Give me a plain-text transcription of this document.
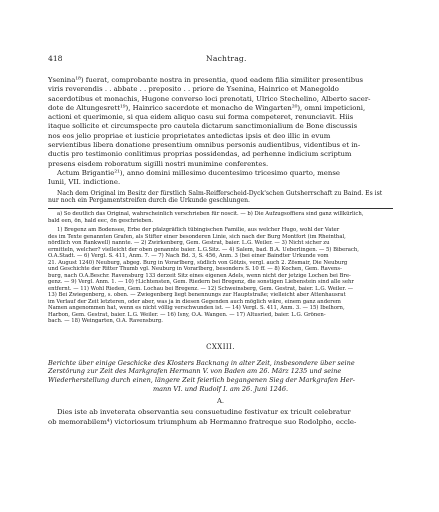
418	Nachtrag.
Ysenina¹⁸) fuerat, comprobante nostra in presentia, quod eadem filia similiter presentibus
viris reverendis . . abbate . . preposito . . priore de Ysenina, Hainrico et Manegoldo
sacerdotibus et monachis, Hugone converso loci prenotati, Ulrico Stechelino, Alberto sacer-
dote de Altungesrett¹⁹), Hainrico sacerdote et monacho de Wingarten²⁰), omni impeticioni,
actioni et querimonie, si qua eidem aliquo casu sui forma competeret, renunciavit. Hiis
itaque sollicite et circumspecte pro cautela dictarum sanctimonialium de Bone discussis
nos eos jelio propriae et iusticie proprietates antedictas ipsis et deo illic in evum
servientibus libera donatione presentium omnibus personis audientibus, videntibus et in-
ductis pro testimonio conlitimus proprias possidendas, ad perhenne indicium scriptum
presens eisdem roboratum sigilli nostri munimine conferentes.
Actum Brigantie²¹), anno domini millesimo ducentesimo tricesimo quarto, mense
Iunii, VII. indictione.
Nach dem Original im Besitz der fürstlich Salm-Reifferscheid-Dyck'schen Gutsherrschaft zu Baind. Es ist
nur noch ein Pergamentstreifen durch die Urkunde geschlungen.
a) So deutlich das Original, wahrscheinlich verschrieben für noscit. — b) Die Aufzugsoffiera sind ganz willkürlich,
bald een, ön, hald eec, ön geschrieben.
1) Bregenz am Bodensee, Erbe der pfalzgräflich tübingischen Familie, aus welcher Hugo, wohl der Vater
des im Texte genannten Grafen, als Stifter einer besonderen Linie, sich nach der Burg Montfort (im Rheinthal,
nördlich von Rankwell) nannte. — 2) Zwirkenberg, Gem. Gestrat, baier. L.G. Weiler. — 3) Nicht sicher zu
ermitteln, welcher? vielleicht der oben genannte baier. L.G.Sitz. — 4) Salem, bad. B.A. Ueberlingen. — 5) Biberach,
O.A.Stadt. — 6) Vergl. S. 411, Anm. 7. — 7) Nach Bd. 3, S. 456, Anm. 3 (bei einer Baindter Urkunde vom
21. August 1240) Neuburg, abgeg. Burg in Vorarlberg, südlich von Götzis, vergl. auch 2. Zösmair, Die Neuburg
und Geschichte der Ritter Thumb vgl. Neuburg in Vorarlberg, besonders S. 10 ff. — 8) Kochen, Gem. Ravens-
burg, nach O.A.Beschr. Ravensburg 133 derzeit Sitz eines eigenen Adels, wenn nicht der jetzige Lochen bei Bre-
genz. — 9) Vergl. Anm. 1. — 10) †Lichtensten, Gem. Riedern bei Bregenz, die sonstigen Liebenstein sind alle sehr
entfernt. — 11) Wohl Rieden, Gem. Lochau bei Bregenz. — 12) Schweinsberg, Gem. Gestrat, baier. L.G. Weiler. —
13) Bei Zwiegenberg, s. oben. — Zwiegenberg liegt benennungs zur Hauptstraße; vielleicht aber Attenhausrat
im Verlauf der Zeit letzteren, oder aber, was ja in diesen Gegenden auch möglich wäre, einem ganz anderem
Namen angenommen hat, wenn es nicht völlig verschwunden ist. — 14) Vergl. S. 411, Anm. 3. — 15) Ibelhorn,
Harbon, Gem. Gestrat, baier. L.G. Weiler. — 16) Isny, O.A. Wangen. — 17) Altusried, baier. L.G. Grönen-
bach. — 18) Weingarten, O.A. Ravensburg.
CXXIII.
Berichte über einige Geschicke des Klosters Backnang in alter Zeit, insbesondere über seine
Zerstörung zur Zeit des Markgrafen Hermann V. von Baden am 26. März 1235 und seine
Wiederherstellung durch einen, längere Zeit feierlich begangenen Sieg der Markgrafen Her-
mann VI. und Rudolf I. am 26. Juni 1246.
A.
Dies iste ab inveterata observantia seu consuetudine festivatur ex tricult celebratur
ob memorabilem⁴) victoriosum triumphum ab Hermanno fratreque suo Rodolpho, eccle-
